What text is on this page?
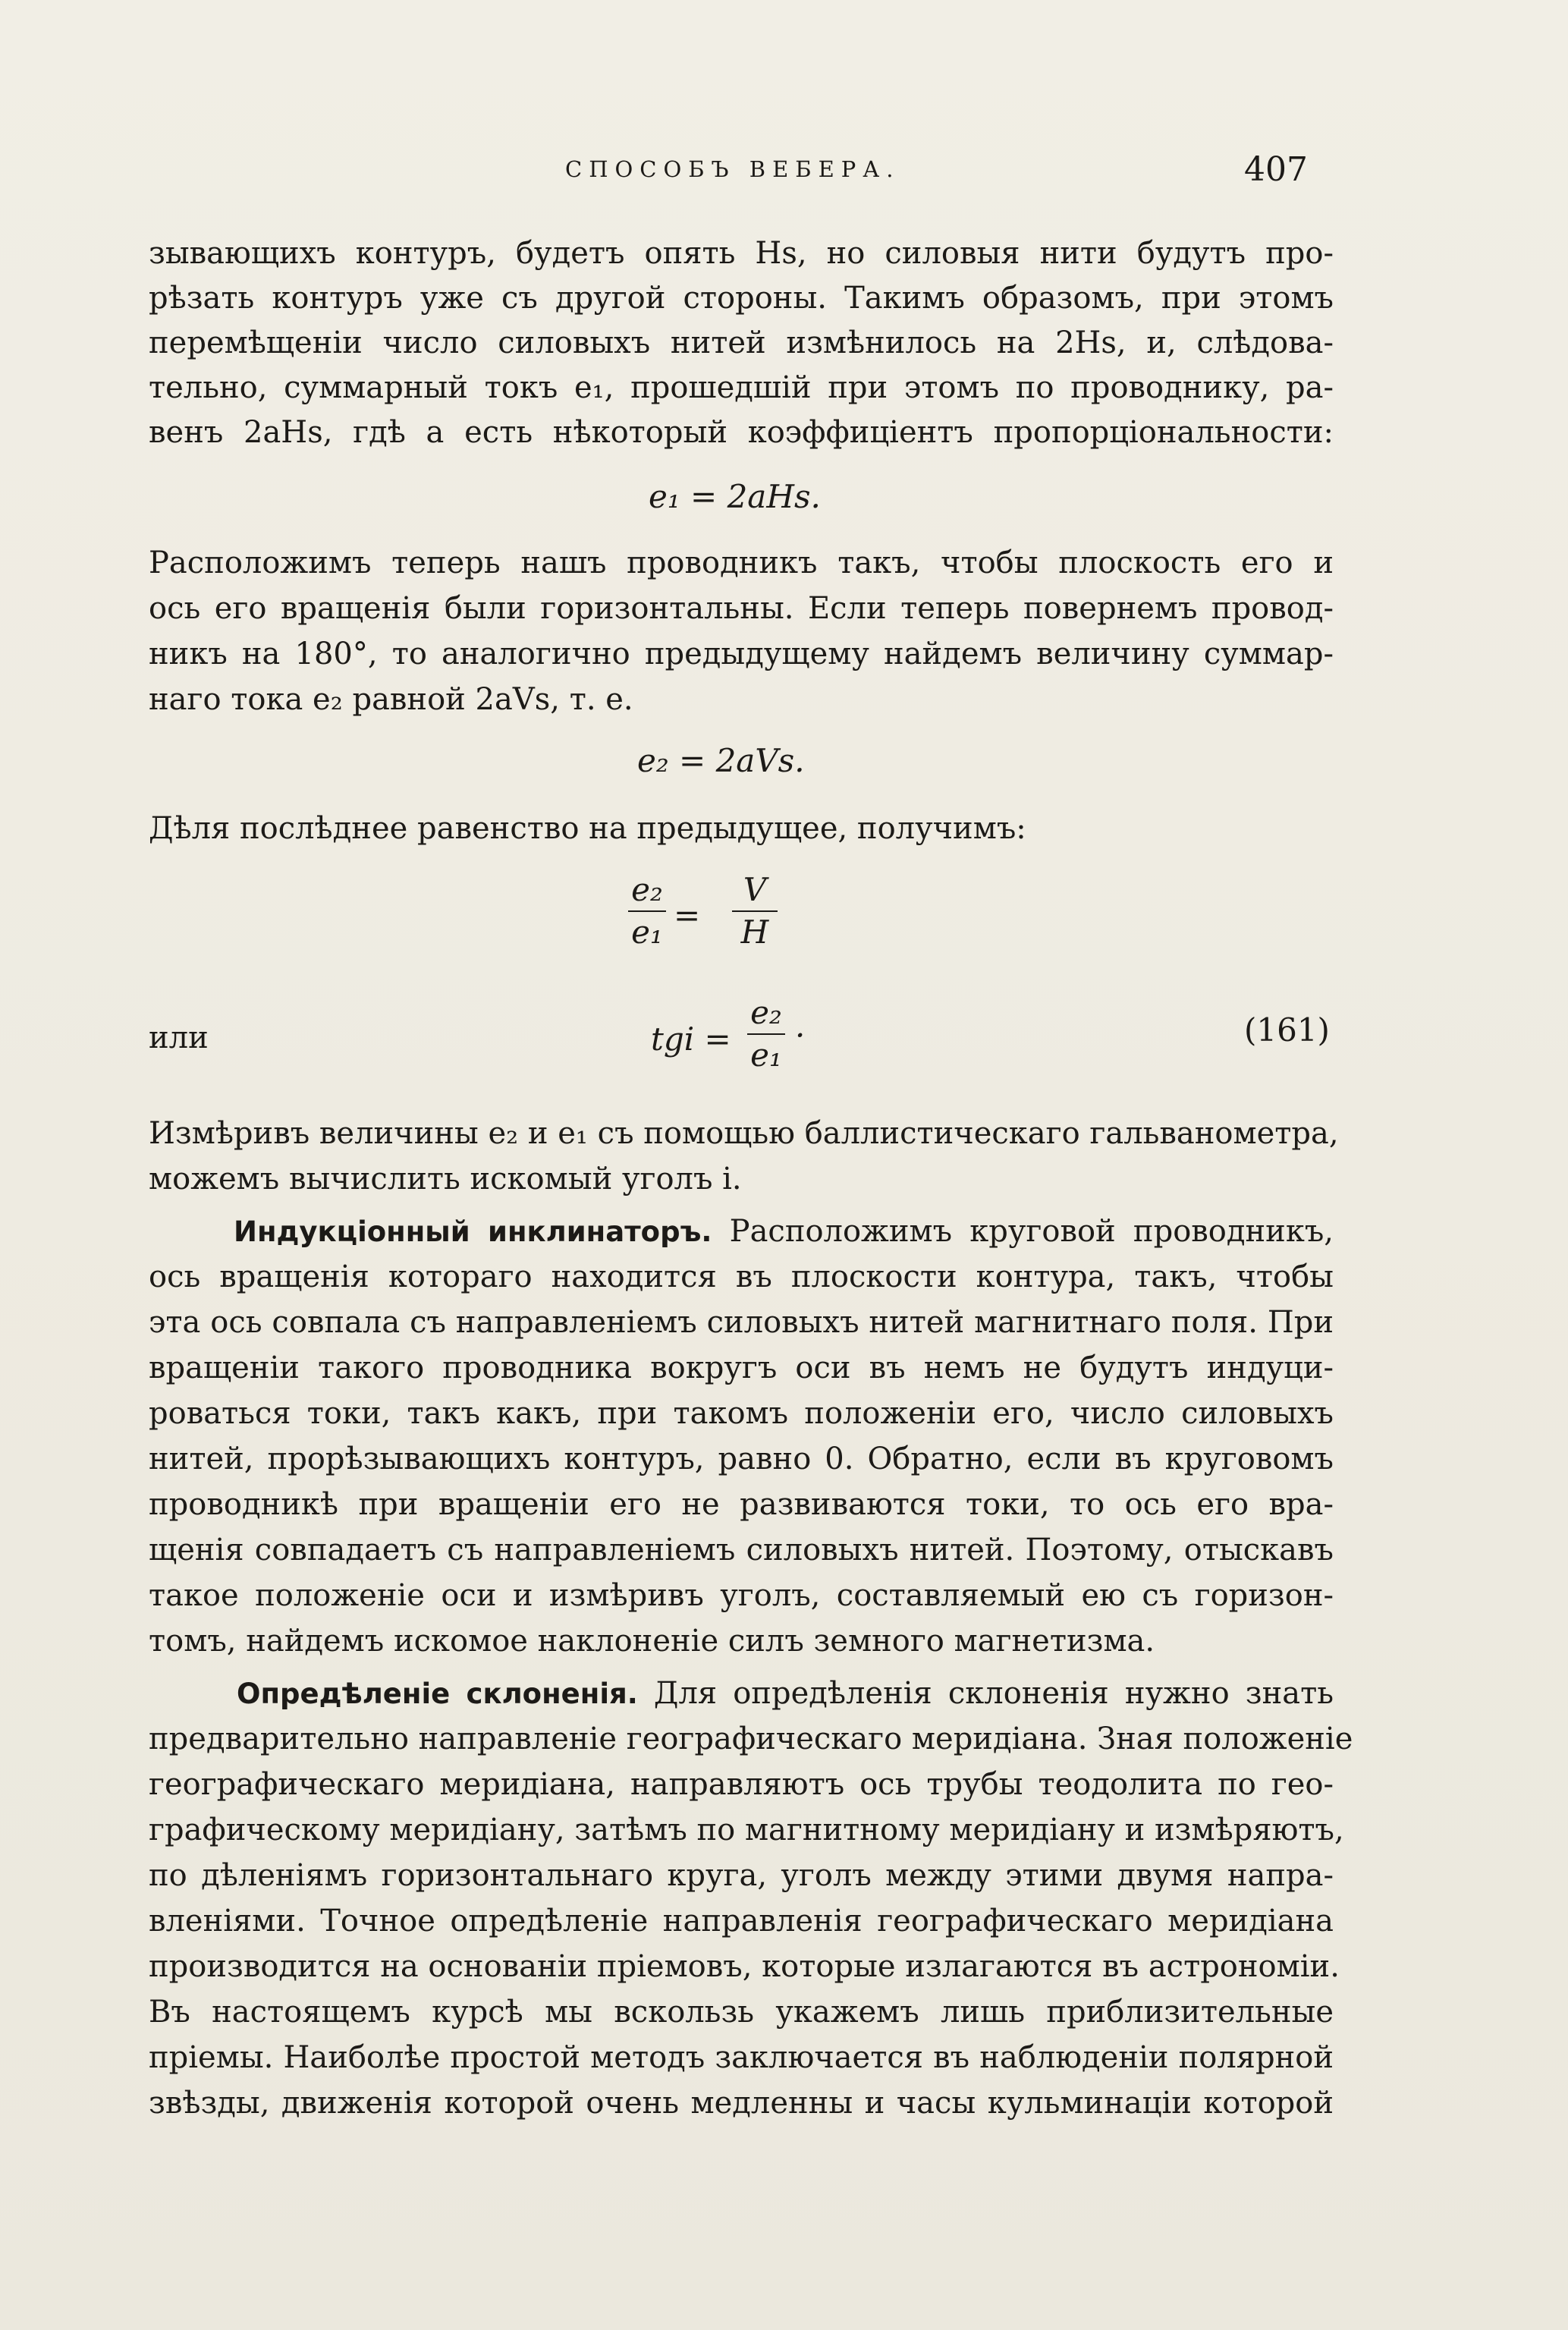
СПОСОБЪ ВЕБЕРА.	407
зывающихъ контуръ, будетъ опять Hs, но силовыя нити будутъ про-
рѣзать контуръ уже съ другой стороны. Такимъ образомъ, при этомъ
перемѣщеніи число силовыхъ нитей измѣнилось на 2Hs, и, слѣдова-
тельно, суммарный токъ e₁, прошедшій при этомъ по проводнику, ра-
венъ 2aHs, гдѣ a есть нѣкоторый коэффиціентъ пропорціональности:
e₁ = 2aHs.
Расположимъ теперь нашъ проводникъ такъ, чтобы плоскость его и
ось его вращенія были горизонтальны. Если теперь повернемъ провод-
никъ на 180°, то аналогично предыдущему найдемъ величину суммар-
наго тока e₂ равной 2aVs, т. е.
e₂ = 2aVs.
Дѣля послѣднее равенство на предыдущее, получимъ:
e₂
e₁ =
V
H
или	tgi =
e₂
e₁
·	(161)
Измѣривъ величины e₂ и e₁ съ помощью баллистическаго гальванометра,
можемъ вычислить искомый уголъ i.
Индукціонный инклинаторъ. Расположимъ круговой проводникъ,
ось вращенія котораго находится въ плоскости контура, такъ, чтобы
эта ось совпала съ направленіемъ силовыхъ нитей магнитнаго поля. При
вращеніи такого проводника вокругъ оси въ немъ не будутъ индуци-
роваться токи, такъ какъ, при такомъ положеніи его, число силовыхъ
нитей, прорѣзывающихъ контуръ, равно 0. Обратно, если въ круговомъ
проводникѣ при вращеніи его не развиваются токи, то ось его вра-
щенія совпадаетъ съ направленіемъ силовыхъ нитей. Поэтому, отыскавъ
такое положеніе оси и измѣривъ уголъ, составляемый ею съ горизон-
томъ, найдемъ искомое наклоненіе силъ земного магнетизма.
Опредѣленіе склоненія. Для опредѣленія склоненія нужно знать
предварительно направленіе географическаго меридіана. Зная положеніе
географическаго меридіана, направляютъ ось трубы теодолита по гео-
графическому меридіану, затѣмъ по магнитному меридіану и измѣряютъ,
по дѣленіямъ горизонтальнаго круга, уголъ между этими двумя напра-
вленіями. Точное опредѣленіе направленія географическаго меридіана
производится на основаніи пріемовъ, которые излагаются въ астрономіи.
Въ настоящемъ курсѣ мы вскользь укажемъ лишь приблизительные
пріемы. Наиболѣе простой методъ заключается въ наблюденіи полярной
звѣзды, движенія которой очень медленны и часы кульминаціи которой
